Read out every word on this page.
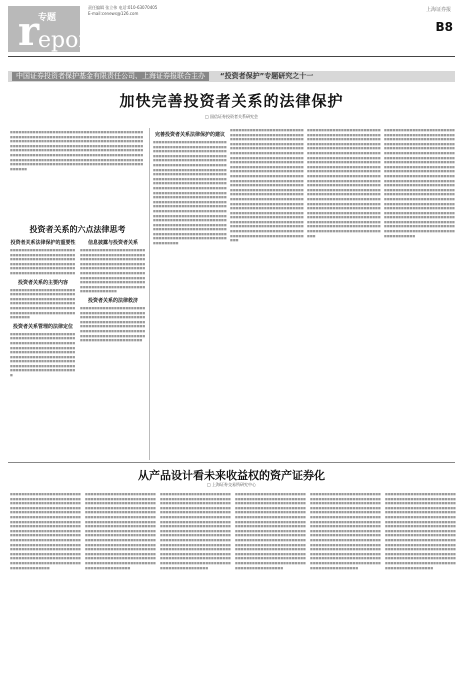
r
专题
eport
责任编辑 张立伟 电话:010-63070405
E-mail:cenews@126.com
上海证券报
B8
中国证券投资者保护基金有限责任公司、上海证券报联合主办	“投资者保护”专题研究之十一
加快完善投资者关系的法律保护
□ 国信证券投资者关系研究会
投资者关系的六点法律思考
■■■■■■■■■■■■■■■■■■■■■■■■■■■■■■■■■■■■■■■■■■■■■■■■■■■■■■■■■■■■■■■■■■■■■■■■■■■■■■■■■■■■■■■■■■■■■■■■■■■■■■■■■■■■■■■■■■■■■■■■■■■■■■■■■■■■■■■■■■■■■■■■■■■■■■■■■■■■■■■■■■■■■■■■■■■■■■■■■■■■■■■■■■■■■■■■■■■■■■■■■■■■■■■■■■■■■■■■■■■■■■■■■■■■■■■■■■■■■■■■■■■■■■■■■■■■■■■■■■■■■■■■■■■■■■■■■■■■■■■■■■■■■■■■■■■■■■■■■■■■■■■■■■■■■■■■■■■■■■■■■■■■■■■■■■■■■■■■■■■■■■■■■■■■■■■■■■■■■■■■■■■■■■■■■■■■■■■■■■■■■■
投资者关系法律保护的重要性
■■■■■■■■■■■■■■■■■■■■■■■■■■■■■■■■■■■■■■■■■■■■■■■■■■■■■■■■■■■■■■■■■■■■■■■■■■■■■■■■■■■■■■■■■■■■■■■■■■■■■■■■■■■■■■■■■■■■■■■■■■■■■■■■■■■■■■■■■■
投资者关系的主要内容
■■■■■■■■■■■■■■■■■■■■■■■■■■■■■■■■■■■■■■■■■■■■■■■■■■■■■■■■■■■■■■■■■■■■■■■■■■■■■■■■■■■■■■■■■■■■■■■■■■■■■■■■■■■■■■■■■■■■■■■■■■■■■■■■■■■■■■■■■■■■■■■■■
投资者关系管理的法律定位
■■■■■■■■■■■■■■■■■■■■■■■■■■■■■■■■■■■■■■■■■■■■■■■■■■■■■■■■■■■■■■■■■■■■■■■■■■■■■■■■■■■■■■■■■■■■■■■■■■■■■■■■■■■■■■■■■■■■■■■■■■■■■■■■■■■■■■■■■■■■■■■■■■■■■■■■■■■■■■■■■■■■■■■■■■■■■■■■■■■■■■■■■■■■■■■■■■■■■■■■■■■■■■■■
信息披露与投资者关系
■■■■■■■■■■■■■■■■■■■■■■■■■■■■■■■■■■■■■■■■■■■■■■■■■■■■■■■■■■■■■■■■■■■■■■■■■■■■■■■■■■■■■■■■■■■■■■■■■■■■■■■■■■■■■■■■■■■■■■■■■■■■■■■■■■■■■■■■■■■■■■■■■■■■■■■■■■■■■■■■■■■■■■■■■■■■■■■■■■■■■■■■■■■■■■■■■■■■■■■■■■■■■■■■■■■■■■■■■■■■
投资者关系的法律救济
■■■■■■■■■■■■■■■■■■■■■■■■■■■■■■■■■■■■■■■■■■■■■■■■■■■■■■■■■■■■■■■■■■■■■■■■■■■■■■■■■■■■■■■■■■■■■■■■■■■■■■■■■■■■■■■■■■■■■■■■■■■■■■■■■■■■■■■■■■■■■■■■■■■■■■■■■■■■■■■■■■■■■■■■■■■■■■■■■■■■■■■
完善投资者关系法律保护的建议
■■■■■■■■■■■■■■■■■■■■■■■■■■■■■■■■■■■■■■■■■■■■■■■■■■■■■■■■■■■■■■■■■■■■■■■■■■■■■■■■■■■■■■■■■■■■■■■■■■■■■■■■■■■■■■■■■■■■■■■■■■■■■■■■■■■■■■■■■■■■■■■■■■■■■■■■■■■■■■■■■■■■■■■■■■■■■■■■■■■■■■■■■■■■■■■■■■■■■■■■■■■■■■■■■■■■■■■■■■■■■■■■■■■■■■■■■■■■■■■■■■■■■■■■■■■■■■■■■■■■■■■■■■■■■■■■■■■■■■■■■■■■■■■■■■■■■■■■■■■■■■■■■■■■■■■■■■■■■■■■■■■■■■■■■■■■■■■■■■■■■■■■■■■■■■■■■■■■■■■■■■■■■■■■■■■■■■■■■■■■■■■■■■■■■■■■■■■■■■■■■■■■■■■■■■■■■■■■■■■■■■■■■■■■■■■■■■■■■■■■■■■■■■■■■■■■■■■■■■■■■■■■■■■■■■■■■■■■■■■■■■■■■■■■■■■■■■■■■■■■■■■■■■■■■■■■■■■■■■■■■■■■■■■■■■■■■■■■■■■■■■■■■■■■■■■■■■■■■■■■■■■■■■■■■■■■■■■■■■■■■
■■■■■■■■■■■■■■■■■■■■■■■■■■■■■■■■■■■■■■■■■■■■■■■■■■■■■■■■■■■■■■■■■■■■■■■■■■■■■■■■■■■■■■■■■■■■■■■■■■■■■■■■■■■■■■■■■■■■■■■■■■■■■■■■■■■■■■■■■■■■■■■■■■■■■■■■■■■■■■■■■■■■■■■■■■■■■■■■■■■■■■■■■■■■■■■■■■■■■■■■■■■■■■■■■■■■■■■■■■■■■■■■■■■■■■■■■■■■■■■■■■■■■■■■■■■■■■■■■■■■■■■■■■■■■■■■■■■■■■■■■■■■■■■■■■■■■■■■■■■■■■■■■■■■■■■■■■■■■■■■■■■■■■■■■■■■■■■■■■■■■■■■■■■■■■■■■■■■■■■■■■■■■■■■■■■■■■■■■■■■■■■■■■■■■■■■■■■■■■■■■■■■■■■■■■■■■■■■■■■■■■■■■■■■■■■■■■■■■■■■■■■■■■■■■■■■■■■■■■■■■■■■■■■■■■■■■■■■■■■■■■■■■■■■■■■■■■■■■■■■■■■■■■■■■■■■■■■■■■■■■■■■■■■■■■■■■■■■■■■■■■■■■■■■■■■■■■■■■■■■■■■■■■■■■■■■■■■■■■■■■■■■■■■■■■■■■■■■■■■■■■■■■■■■■■■■■■■■■■■■■■■■■■■
■■■■■■■■■■■■■■■■■■■■■■■■■■■■■■■■■■■■■■■■■■■■■■■■■■■■■■■■■■■■■■■■■■■■■■■■■■■■■■■■■■■■■■■■■■■■■■■■■■■■■■■■■■■■■■■■■■■■■■■■■■■■■■■■■■■■■■■■■■■■■■■■■■■■■■■■■■■■■■■■■■■■■■■■■■■■■■■■■■■■■■■■■■■■■■■■■■■■■■■■■■■■■■■■■■■■■■■■■■■■■■■■■■■■■■■■■■■■■■■■■■■■■■■■■■■■■■■■■■■■■■■■■■■■■■■■■■■■■■■■■■■■■■■■■■■■■■■■■■■■■■■■■■■■■■■■■■■■■■■■■■■■■■■■■■■■■■■■■■■■■■■■■■■■■■■■■■■■■■■■■■■■■■■■■■■■■■■■■■■■■■■■■■■■■■■■■■■■■■■■■■■■■■■■■■■■■■■■■■■■■■■■■■■■■■■■■■■■■■■■■■■■■■■■■■■■■■■■■■■■■■■■■■■■■■■■■■■■■■■■■■■■■■■■■■■■■■■■■■■■■■■■■■■■■■■■■■■■■■■■■■■■■■■■■■■■■■■■■■■■■■■■■■■■■■■■■■■■■■■■■■■■■■■■■■■■■■■■■■■■■■■■■■■■■■■■■■■■■■■■■
■■■■■■■■■■■■■■■■■■■■■■■■■■■■■■■■■■■■■■■■■■■■■■■■■■■■■■■■■■■■■■■■■■■■■■■■■■■■■■■■■■■■■■■■■■■■■■■■■■■■■■■■■■■■■■■■■■■■■■■■■■■■■■■■■■■■■■■■■■■■■■■■■■■■■■■■■■■■■■■■■■■■■■■■■■■■■■■■■■■■■■■■■■■■■■■■■■■■■■■■■■■■■■■■■■■■■■■■■■■■■■■■■■■■■■■■■■■■■■■■■■■■■■■■■■■■■■■■■■■■■■■■■■■■■■■■■■■■■■■■■■■■■■■■■■■■■■■■■■■■■■■■■■■■■■■■■■■■■■■■■■■■■■■■■■■■■■■■■■■■■■■■■■■■■■■■■■■■■■■■■■■■■■■■■■■■■■■■■■■■■■■■■■■■■■■■■■■■■■■■■■■■■■■■■■■■■■■■■■■■■■■■■■■■■■■■■■■■■■■■■■■■■■■■■■■■■■■■■■■■■■■■■■■■■■■■■■■■■■■■■■■■■■■■■■■■■■■■■■■■■■■■■■■■■■■■■■■■■■■■■■■■■■■■■■■■■■■■■■■■■■■■■■■■■■■■■■■■■■■■■■■■■■■■■■■■■■■■■■■■■■■■■■
从产品设计看未来收益权的资产证券化
□ 上海证券交易所研究中心
■■■■■■■■■■■■■■■■■■■■■■■■■■■■■■■■■■■■■■■■■■■■■■■■■■■■■■■■■■■■■■■■■■■■■■■■■■■■■■■■■■■■■■■■■■■■■■■■■■■■■■■■■■■■■■■■■■■■■■■■■■■■■■■■■■■■■■■■■■■■■■■■■■■■■■■■■■■■■■■■■■■■■■■■■■■■■■■■■■■■■■■■■■■■■■■■■■■■■■■■■■■■■■■■■■■■■■■■■■■■■■■■■■■■■■■■■■■■■■■■■■■■■■■■■■■■■■■■■■■■■■■■■■■■■■■■■■■■■■■■■■■■■■■■■■■■■■■■■■■■■■■■■■■■■■■■■■■■■■■■■■■■■■■■■■■■■■■■■■■■■■■■■■■■■■■■■■■■■■■■■■■■■■■■■■■■■■■■■■■■■■■■■■■■■■■■■■■■■■■■■■■■■■■■■■■■■■
■■■■■■■■■■■■■■■■■■■■■■■■■■■■■■■■■■■■■■■■■■■■■■■■■■■■■■■■■■■■■■■■■■■■■■■■■■■■■■■■■■■■■■■■■■■■■■■■■■■■■■■■■■■■■■■■■■■■■■■■■■■■■■■■■■■■■■■■■■■■■■■■■■■■■■■■■■■■■■■■■■■■■■■■■■■■■■■■■■■■■■■■■■■■■■■■■■■■■■■■■■■■■■■■■■■■■■■■■■■■■■■■■■■■■■■■■■■■■■■■■■■■■■■■■■■■■■■■■■■■■■■■■■■■■■■■■■■■■■■■■■■■■■■■■■■■■■■■■■■■■■■■■■■■■■■■■■■■■■■■■■■■■■■■■■■■■■■■■■■■■■■■■■■■■■■■■■■■■■■■■■■■■■■■■■■■■■■■■■■■■■■■■■■■■■■■■■■■■■■■■■■■■■■■■■■■■■■■
■■■■■■■■■■■■■■■■■■■■■■■■■■■■■■■■■■■■■■■■■■■■■■■■■■■■■■■■■■■■■■■■■■■■■■■■■■■■■■■■■■■■■■■■■■■■■■■■■■■■■■■■■■■■■■■■■■■■■■■■■■■■■■■■■■■■■■■■■■■■■■■■■■■■■■■■■■■■■■■■■■■■■■■■■■■■■■■■■■■■■■■■■■■■■■■■■■■■■■■■■■■■■■■■■■■■■■■■■■■■■■■■■■■■■■■■■■■■■■■■■■■■■■■■■■■■■■■■■■■■■■■■■■■■■■■■■■■■■■■■■■■■■■■■■■■■■■■■■■■■■■■■■■■■■■■■■■■■■■■■■■■■■■■■■■■■■■■■■■■■■■■■■■■■■■■■■■■■■■■■■■■■■■■■■■■■■■■■■■■■■■■■■■■■■■■■■■■■■■■■■■■■■■■■■■■■■■■■■
■■■■■■■■■■■■■■■■■■■■■■■■■■■■■■■■■■■■■■■■■■■■■■■■■■■■■■■■■■■■■■■■■■■■■■■■■■■■■■■■■■■■■■■■■■■■■■■■■■■■■■■■■■■■■■■■■■■■■■■■■■■■■■■■■■■■■■■■■■■■■■■■■■■■■■■■■■■■■■■■■■■■■■■■■■■■■■■■■■■■■■■■■■■■■■■■■■■■■■■■■■■■■■■■■■■■■■■■■■■■■■■■■■■■■■■■■■■■■■■■■■■■■■■■■■■■■■■■■■■■■■■■■■■■■■■■■■■■■■■■■■■■■■■■■■■■■■■■■■■■■■■■■■■■■■■■■■■■■■■■■■■■■■■■■■■■■■■■■■■■■■■■■■■■■■■■■■■■■■■■■■■■■■■■■■■■■■■■■■■■■■■■■■■■■■■■■■■■■■■■■■■■■■■■■■■■■■■■■
■■■■■■■■■■■■■■■■■■■■■■■■■■■■■■■■■■■■■■■■■■■■■■■■■■■■■■■■■■■■■■■■■■■■■■■■■■■■■■■■■■■■■■■■■■■■■■■■■■■■■■■■■■■■■■■■■■■■■■■■■■■■■■■■■■■■■■■■■■■■■■■■■■■■■■■■■■■■■■■■■■■■■■■■■■■■■■■■■■■■■■■■■■■■■■■■■■■■■■■■■■■■■■■■■■■■■■■■■■■■■■■■■■■■■■■■■■■■■■■■■■■■■■■■■■■■■■■■■■■■■■■■■■■■■■■■■■■■■■■■■■■■■■■■■■■■■■■■■■■■■■■■■■■■■■■■■■■■■■■■■■■■■■■■■■■■■■■■■■■■■■■■■■■■■■■■■■■■■■■■■■■■■■■■■■■■■■■■■■■■■■■■■■■■■■■■■■■■■■■■■■■■■■■■■■■■■■■■■
■■■■■■■■■■■■■■■■■■■■■■■■■■■■■■■■■■■■■■■■■■■■■■■■■■■■■■■■■■■■■■■■■■■■■■■■■■■■■■■■■■■■■■■■■■■■■■■■■■■■■■■■■■■■■■■■■■■■■■■■■■■■■■■■■■■■■■■■■■■■■■■■■■■■■■■■■■■■■■■■■■■■■■■■■■■■■■■■■■■■■■■■■■■■■■■■■■■■■■■■■■■■■■■■■■■■■■■■■■■■■■■■■■■■■■■■■■■■■■■■■■■■■■■■■■■■■■■■■■■■■■■■■■■■■■■■■■■■■■■■■■■■■■■■■■■■■■■■■■■■■■■■■■■■■■■■■■■■■■■■■■■■■■■■■■■■■■■■■■■■■■■■■■■■■■■■■■■■■■■■■■■■■■■■■■■■■■■■■■■■■■■■■■■■■■■■■■■■■■■■■■■■■■■■■■■■■■■■■
